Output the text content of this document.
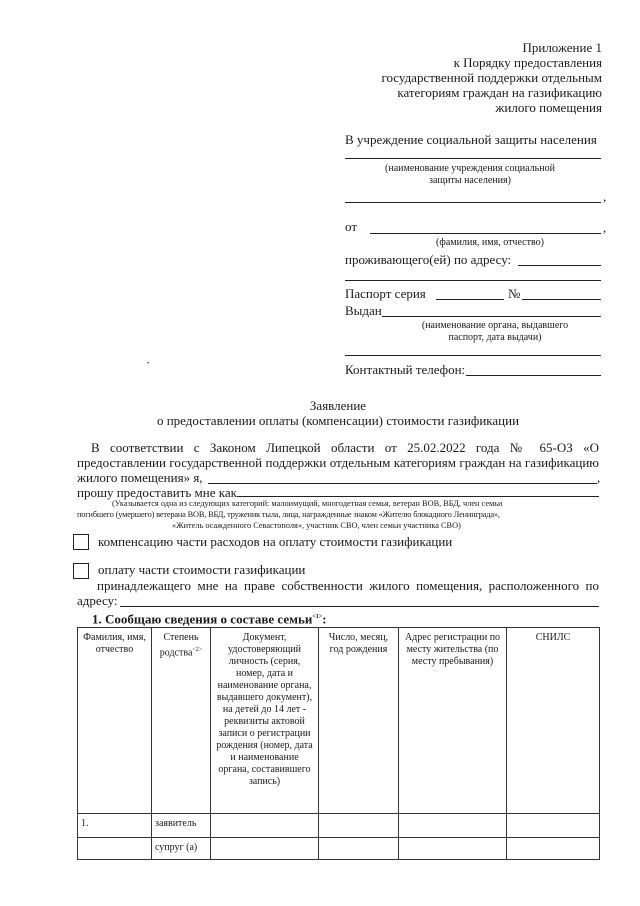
Приложение 1
к Порядку предоставления
государственной поддержки отдельным
категориям граждан на газификацию
жилого помещения
В учреждение социальной защиты населения
(наименование учреждения социальной
защиты населения)
,
от	,
(фамилия, имя, отчество)
проживающего(ей) по адресу:
Паспорт серия	№
Выдан
(наименование органа, выдавшего
паспорт, дата выдачи)
Контактный телефон:
·
Заявление
о предоставлении оплаты (компенсации) стоимости газификации
В соответствии с Законом Липецкой области от 25.02.2022 года № 65-ОЗ «О
предоставлении государственной поддержки отдельным категориям граждан на газификацию
жилого помещения» я,	,
прошу предоставить мне как
(Указывается одна из следующих категорий: малоимущий, многодетная семья, ветеран ВОВ, ВБД, член семьи
погибшего (умершего) ветерана ВОВ, ВБД, труженик тыла, лица, награжденные знаком «Жителю блокадного Ленинграда»,
«Житель осажденного Севастополя», участник СВО, член семьи участника СВО)
компенсацию части расходов на оплату стоимости газификации
оплату части стоимости газификации
принадлежащего мне на праве собственности жилого помещения, расположенного по
адресу:
1. Сообщаю сведения о составе семьи$^{<1>}$:
Фамилия, имя, отчество	Степень родства$^{<2>}$	Документ, удостоверяющий личность (серия, номер, дата и наименование органа, выдавшего документ), на детей до 14 лет - реквизиты актовой записи о регистрации рождения (номер, дата и наименование органа, составившего запись)	Число, месяц, год рождения	Адрес регистрации по месту жительства (по месту пребывания)	СНИЛС
1.	заявитель				
	супруг (а)				
